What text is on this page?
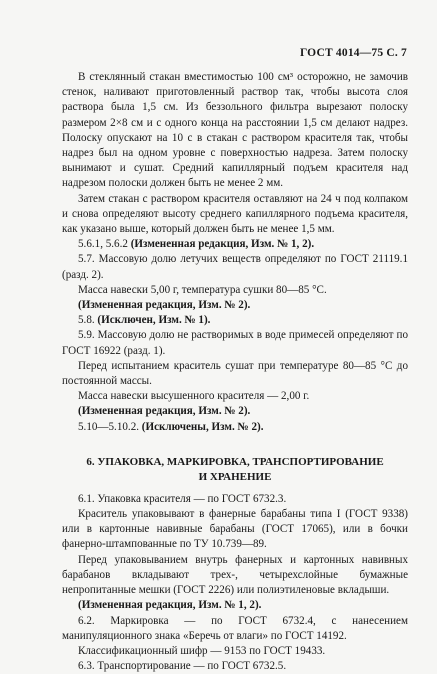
ГОСТ 4014—75 С. 7

В стеклянный стакан вместимостью 100 см³ осторожно, не замочив стенок, наливают приготовленный раствор так, чтобы высота слоя раствора была 1,5 см. Из беззольного фильтра вырезают полоску размером 2×8 см и с одного конца на расстоянии 1,5 см делают надрез. Полоску опускают на 10 с в стакан с раствором красителя так, чтобы надрез был на одном уровне с поверхностью надреза. Затем полоску вынимают и сушат. Средний капиллярный подъем красителя над надрезом полоски должен быть не менее 2 мм.

Затем стакан с раствором красителя оставляют на 24 ч под колпаком и снова определяют высоту среднего капиллярного подъема красителя, как указано выше, который должен быть не менее 1,5 мм.

5.6.1, 5.6.2 (Измененная редакция, Изм. № 1, 2).

5.7. Массовую долю летучих веществ определяют по ГОСТ 21119.1 (разд. 2).

Масса навески 5,00 г, температура сушки 80—85 °С.

(Измененная редакция, Изм. № 2).

5.8. (Исключен, Изм. № 1).

5.9. Массовую долю не растворимых в воде примесей определяют по ГОСТ 16922 (разд. 1).

Перед испытанием краситель сушат при температуре 80—85 °С до постоянной массы.

Масса навески высушенного красителя — 2,00 г.

(Измененная редакция, Изм. № 2).

5.10—5.10.2. (Исключены, Изм. № 2).

6. УПАКОВКА, МАРКИРОВКА, ТРАНСПОРТИРОВАНИЕ
И ХРАНЕНИЕ

6.1. Упаковка красителя — по ГОСТ 6732.3.

Краситель упаковывают в фанерные барабаны типа I (ГОСТ 9338) или в картонные навивные барабаны (ГОСТ 17065), или в бочки фанерно-штампованные по ТУ 10.739—89.

Перед упаковыванием внутрь фанерных и картонных навивных барабанов вкладывают трех-, четырехслойные бумажные непропитанные мешки (ГОСТ 2226) или полиэтиленовые вкладыши.

(Измененная редакция, Изм. № 1, 2).

6.2. Маркировка — по ГОСТ 6732.4, с нанесением манипуляционного знака «Беречь от влаги» по ГОСТ 14192.

Классификационный шифр — 9153 по ГОСТ 19433.

6.3. Транспортирование — по ГОСТ 6732.5.
